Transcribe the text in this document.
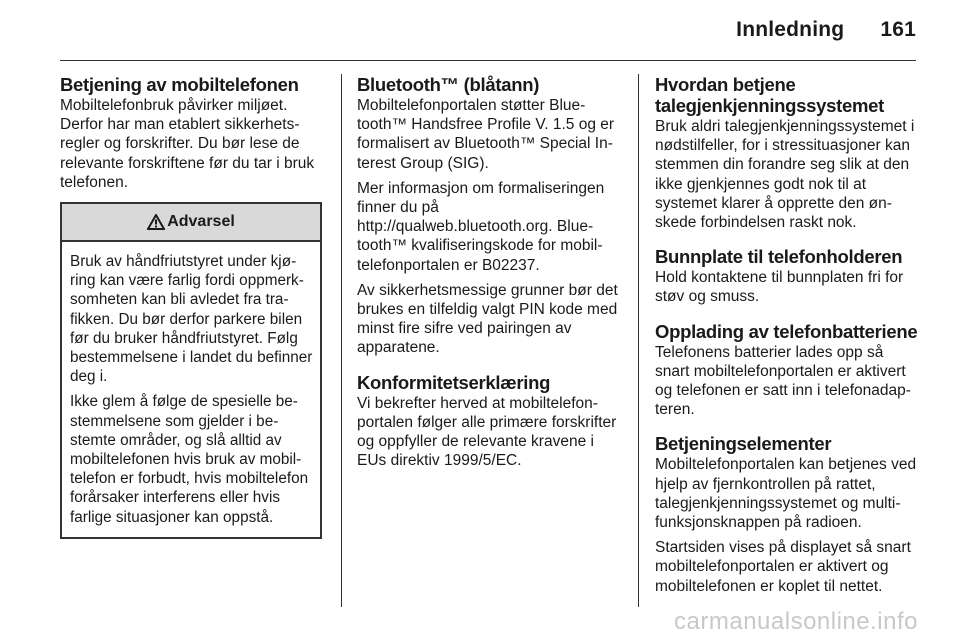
Innledning 161
Betjening av mobiltelefonen

Mobiltelefonbruk påvirker miljøet. Derfor har man etablert sikkerhetsregler og forskrifter. Du bør lese de relevante forskriftene før du tar i bruk telefonen.

Advarsel

Bruk av håndfriutstyret under kjøring kan være farlig fordi oppmerksomheten kan bli avledet fra trafikken. Du bør derfor parkere bilen før du bruker håndfriutstyret. Følg bestemmelsene i landet du befinner deg i.

Ikke glem å følge de spesielle bestemmelsene som gjelder i bestemte områder, og slå alltid av mobiltelefonen hvis bruk av mobiltelefon er forbudt, hvis mobiltelefon forårsaker interferens eller hvis farlige situasjoner kan oppstå.

Bluetooth™ (blåtann)

Mobiltelefonportalen støtter Bluetooth™ Handsfree Profile V. 1.5 og er formalisert av Bluetooth™ Special Interest Group (SIG).

Mer informasjon om formaliseringen finner du på http://qualweb.bluetooth.org. Bluetooth™ kvalifiseringskode for mobiltelefonportalen er B02237.

Av sikkerhetsmessige grunner bør det brukes en tilfeldig valgt PIN kode med minst fire sifre ved pairingen av apparatene.

Konformitetserklæring

Vi bekrefter herved at mobiltelefonportalen følger alle primære forskrifter og oppfyller de relevante kravene i EUs direktiv 1999/5/EC.

Hvordan betjene talegjenkjenningssystemet

Bruk aldri talegjenkjenningssystemet i nødstilfeller, for i stressituasjoner kan stemmen din forandre seg slik at den ikke gjenkjennes godt nok til at systemet klarer å opprette den ønskede forbindelsen raskt nok.

Bunnplate til telefonholderen

Hold kontaktene til bunnplaten fri for støv og smuss.

Opplading av telefonbatteriene

Telefonens batterier lades opp så snart mobiltelefonportalen er aktivert og telefonen er satt inn i telefonadapteren.

Betjeningselementer

Mobiltelefonportalen kan betjenes ved hjelp av fjernkontrollen på rattet, talegjenkjenningssystemet og multifunksjonsknappen på radioen.

Startsiden vises på displayet så snart mobiltelefonportalen er aktivert og mobiltelefonen er koplet til nettet.

carmanualsonline.info
